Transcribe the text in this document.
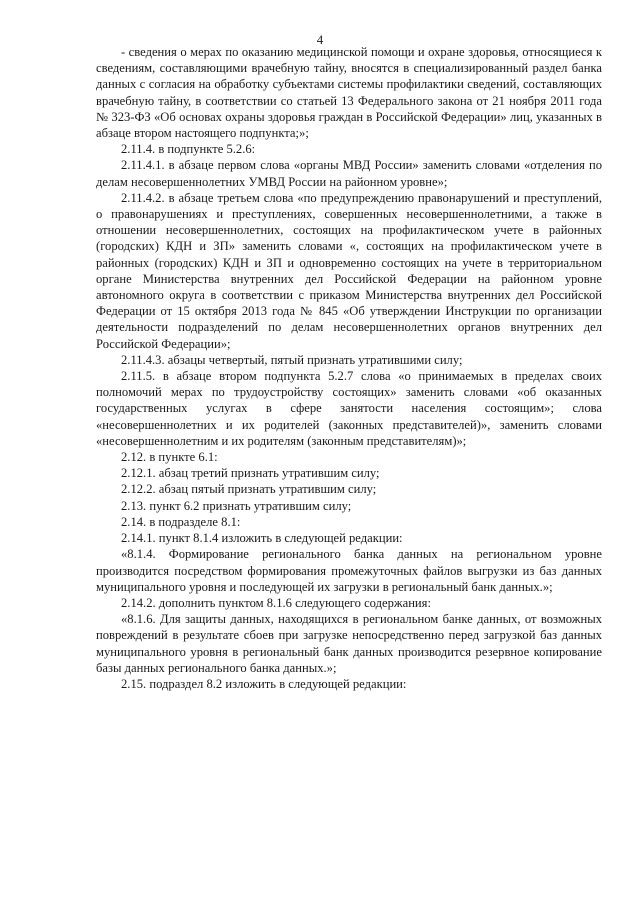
4

- сведения о мерах по оказанию медицинской помощи и охране здоровья, относящиеся к сведениям, составляющими врачебную тайну, вносятся в специализированный раздел банка данных с согласия на обработку субъектами системы профилактики сведений, составляющих врачебную тайну, в соответствии со статьей 13 Федерального закона от 21 ноября 2011 года № 323-ФЗ «Об основах охраны здоровья граждан в Российской Федерации» лиц, указанных в абзаце втором настоящего подпункта;»;

2.11.4. в подпункте 5.2.6:

2.11.4.1. в абзаце первом слова «органы МВД России» заменить словами «отделения по делам несовершеннолетних УМВД России на районном уровне»;

2.11.4.2. в абзаце третьем слова «по предупреждению правонарушений и преступлений, о правонарушениях и преступлениях, совершенных несовершеннолетними, а также в отношении несовершеннолетних, состоящих на профилактическом учете в районных (городских) КДН и ЗП» заменить словами «, состоящих на профилактическом учете в районных (городских) КДН и ЗП и одновременно состоящих на учете в территориальном органе Министерства внутренних дел Российской Федерации на районном уровне автономного округа в соответствии с приказом Министерства внутренних дел Российской Федерации от 15 октября 2013 года № 845 «Об утверждении Инструкции по организации деятельности подразделений по делам несовершеннолетних органов внутренних дел Российской Федерации»;

2.11.4.3. абзацы четвертый, пятый признать утратившими силу;

2.11.5. в абзаце втором подпункта 5.2.7 слова «о принимаемых в пределах своих полномочий мерах по трудоустройству состоящих» заменить словами «об оказанных государственных услугах в сфере занятости населения состоящим»; слова «несовершеннолетних и их родителей (законных представителей)», заменить словами «несовершеннолетним и их родителям (законным представителям)»;

2.12. в пункте 6.1:

2.12.1. абзац третий признать утратившим силу;

2.12.2. абзац пятый признать утратившим силу;

2.13. пункт 6.2 признать утратившим силу;

2.14. в подразделе 8.1:

2.14.1. пункт 8.1.4 изложить в следующей редакции:

«8.1.4. Формирование регионального банка данных на региональном уровне производится посредством формирования промежуточных файлов выгрузки из баз данных муниципального уровня и последующей их загрузки в региональный банк данных.»;

2.14.2. дополнить пунктом 8.1.6 следующего содержания:

«8.1.6. Для защиты данных, находящихся в региональном банке данных, от возможных повреждений в результате сбоев при загрузке непосредственно перед загрузкой баз данных муниципального уровня в региональный банк данных производится резервное копирование базы данных регионального банка данных.»;

2.15. подраздел 8.2 изложить в следующей редакции:
